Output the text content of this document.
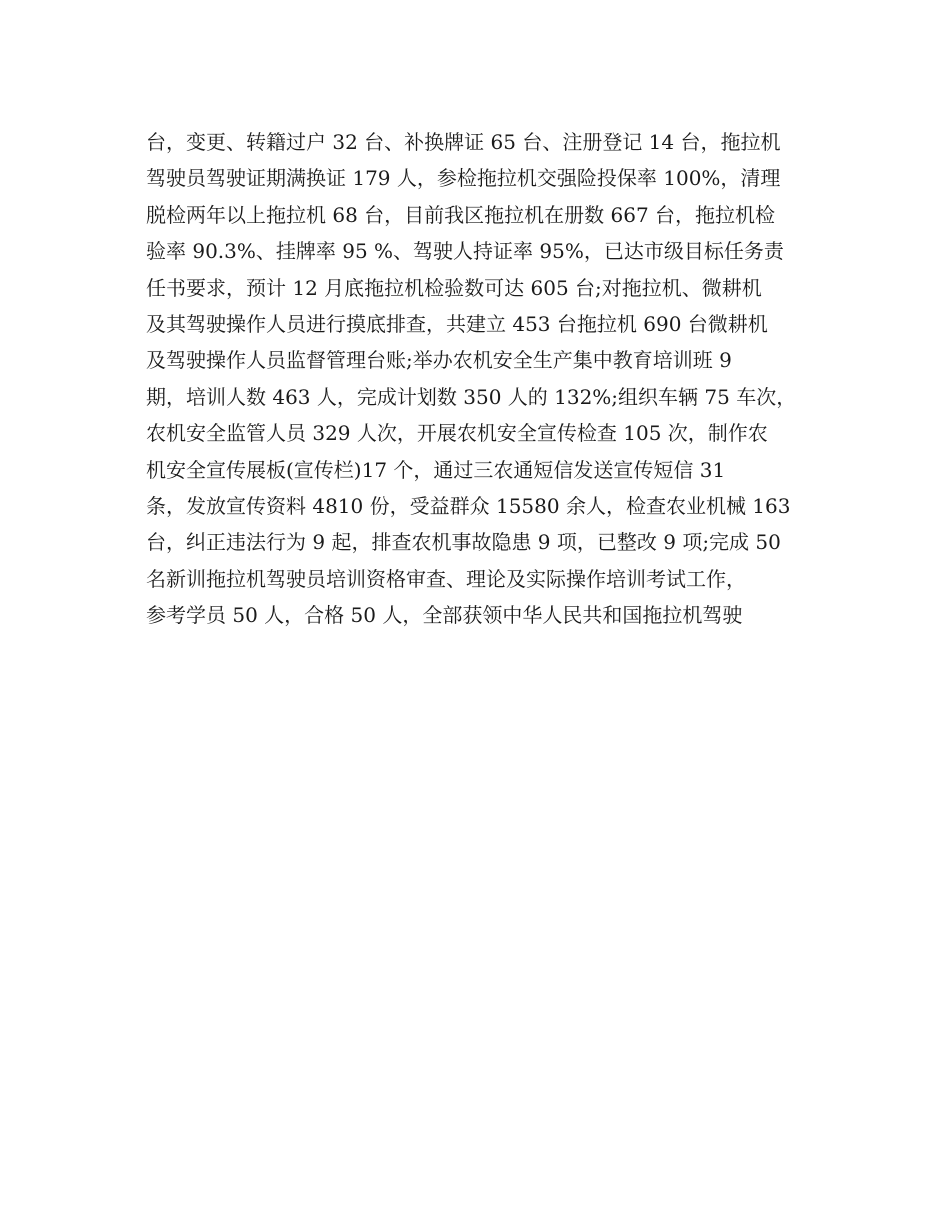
台，变更、转籍过户 32 台、补换牌证 65 台、注册登记 14 台，拖拉机

驾驶员驾驶证期满换证 179 人，参检拖拉机交强险投保率 100%，清理

脱检两年以上拖拉机 68 台，目前我区拖拉机在册数 667 台，拖拉机检

验率 90.3%、挂牌率 95 %、驾驶人持证率 95%，已达市级目标任务责

任书要求，预计 12 月底拖拉机检验数可达 605 台;对拖拉机、微耕机

及其驾驶操作人员进行摸底排查，共建立 453 台拖拉机 690 台微耕机

及驾驶操作人员监督管理台账;举办农机安全生产集中教育培训班 9

期，培训人数 463 人，完成计划数 350 人的 132%;组织车辆 75 车次，

农机安全监管人员 329 人次，开展农机安全宣传检查 105 次，制作农

机安全宣传展板(宣传栏)17 个，通过三农通短信发送宣传短信 31

条，发放宣传资料 4810 份，受益群众 15580 余人，检查农业机械 163

台，纠正违法行为 9 起，排查农机事故隐患 9 项，已整改 9 项;完成 50

名新训拖拉机驾驶员培训资格审查、理论及实际操作培训考试工作，

参考学员 50 人，合格 50 人，全部获领中华人民共和国拖拉机驾驶
